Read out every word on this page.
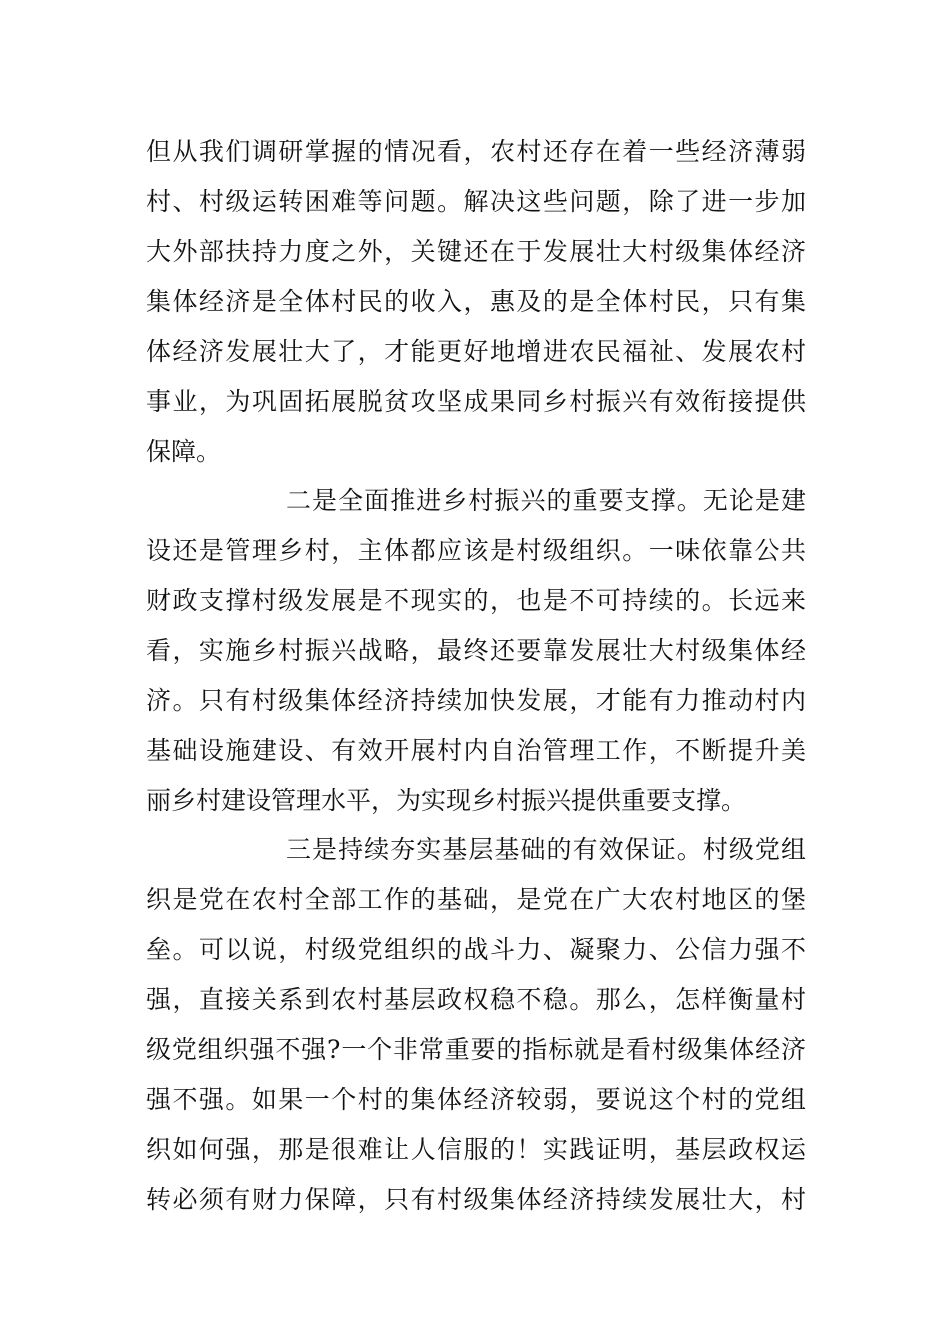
但从我们调研掌握的情况看，农村还存在着一些经济薄弱
村、村级运转困难等问题。解决这些问题，除了进一步加
大外部扶持力度之外，关键还在于发展壮大村级集体经济
集体经济是全体村民的收入，惠及的是全体村民，只有集
体经济发展壮大了，才能更好地增进农民福祉、发展农村
事业，为巩固拓展脱贫攻坚成果同乡村振兴有效衔接提供
保障。
二是全面推进乡村振兴的重要支撑。无论是建
设还是管理乡村，主体都应该是村级组织。一味依靠公共
财政支撑村级发展是不现实的，也是不可持续的。长远来
看，实施乡村振兴战略，最终还要靠发展壮大村级集体经
济。只有村级集体经济持续加快发展，才能有力推动村内
基础设施建设、有效开展村内自治管理工作，不断提升美
丽乡村建设管理水平，为实现乡村振兴提供重要支撑。
三是持续夯实基层基础的有效保证。村级党组
织是党在农村全部工作的基础，是党在广大农村地区的堡
垒。可以说，村级党组织的战斗力、凝聚力、公信力强不
强，直接关系到农村基层政权稳不稳。那么，怎样衡量村
级党组织强不强?一个非常重要的指标就是看村级集体经济
强不强。如果一个村的集体经济较弱，要说这个村的党组
织如何强，那是很难让人信服的！实践证明，基层政权运
转必须有财力保障，只有村级集体经济持续发展壮大，村
